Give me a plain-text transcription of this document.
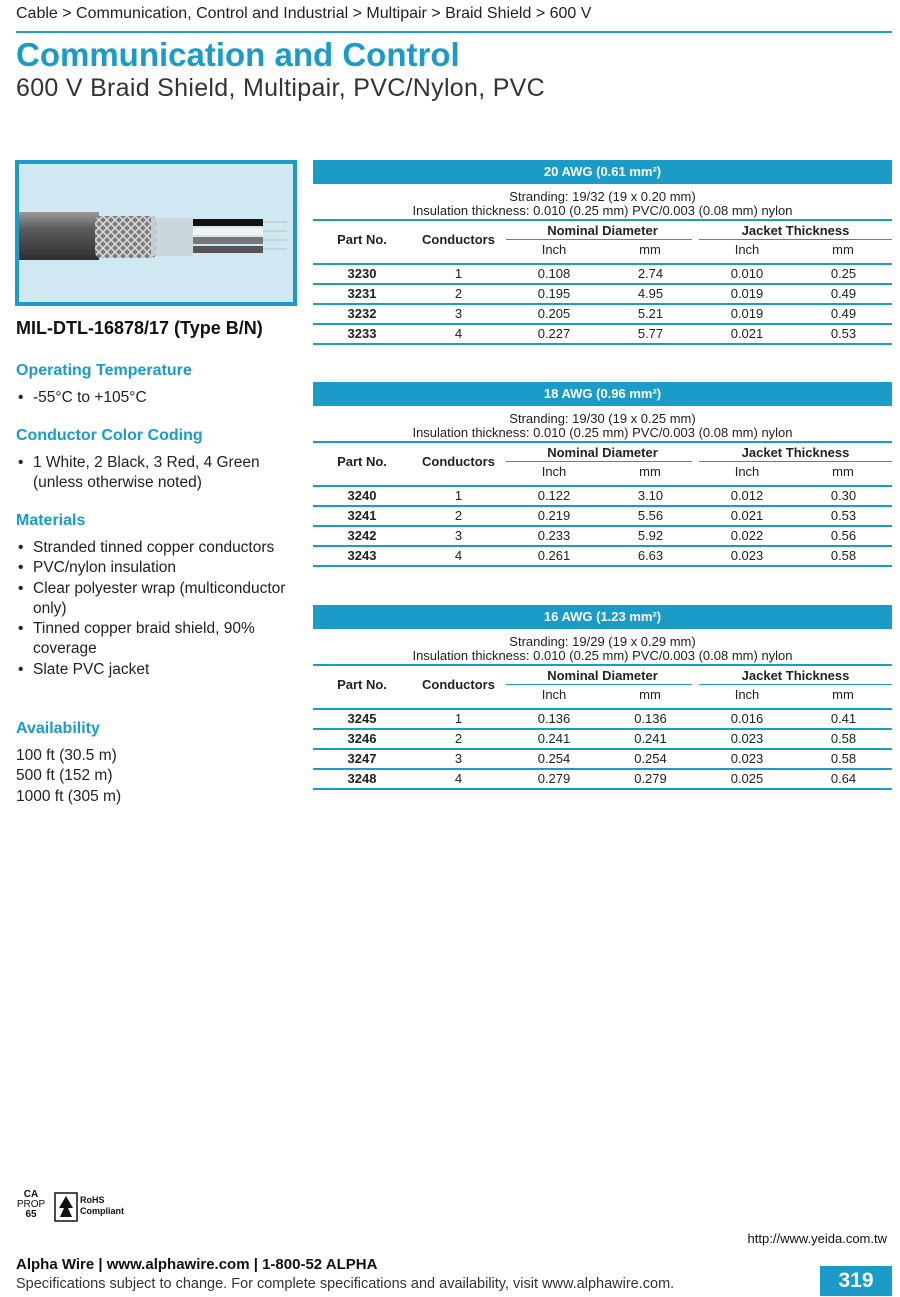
Cable > Communication, Control and Industrial > Multipair > Braid Shield > 600 V
Communication and Control
600 V Braid Shield, Multipair, PVC/Nylon, PVC
MIL-DTL-16878/17 (Type B/N)
Operating Temperature
• -55°C to +105°C
Conductor Color Coding
• 1 White, 2 Black, 3 Red, 4 Green (unless otherwise noted)
Materials
• Stranded tinned copper conductors
• PVC/nylon insulation
• Clear polyester wrap (multiconductor only)
• Tinned copper braid shield, 90% coverage
• Slate PVC jacket
Availability
100 ft (30.5 m)
500 ft (152 m)
1000 ft (305 m)
20 AWG (0.61 mm²)
Stranding: 19/32 (19 x 0.20 mm)
Insulation thickness: 0.010 (0.25 mm) PVC/0.003 (0.08 mm) nylon
Part No.	Conductors
Nominal Diameter	Jacket Thickness
Inch	mm	Inch	mm
3230	1	0.108	2.74	0.010	0.25
3231	2	0.195	4.95	0.019	0.49
3232	3	0.205	5.21	0.019	0.49
3233	4	0.227	5.77	0.021	0.53
18 AWG (0.96 mm²)
Stranding: 19/30 (19 x 0.25 mm)
Insulation thickness: 0.010 (0.25 mm) PVC/0.003 (0.08 mm) nylon
Part No.	Conductors
Nominal Diameter	Jacket Thickness
Inch	mm	Inch	mm
3240	1	0.122	3.10	0.012	0.30
3241	2	0.219	5.56	0.021	0.53
3242	3	0.233	5.92	0.022	0.56
3243	4	0.261	6.63	0.023	0.58
16 AWG (1.23 mm²)
Stranding: 19/29 (19 x 0.29 mm)
Insulation thickness: 0.010 (0.25 mm) PVC/0.003 (0.08 mm) nylon
Part No.	Conductors
Nominal Diameter	Jacket Thickness
Inch	mm	Inch	mm
3245	1	0.136	0.136	0.016	0.41
3246	2	0.241	0.241	0.023	0.58
3247	3	0.254	0.254	0.023	0.58
3248	4	0.279	0.279	0.025	0.64
CA
PROP
65
RoHS
Compliant
http://www.yeida.com.tw
Alpha Wire | www.alphawire.com | 1-800-52 ALPHA
Specifications subject to change. For complete specifications and availability, visit www.alphawire.com.	319
